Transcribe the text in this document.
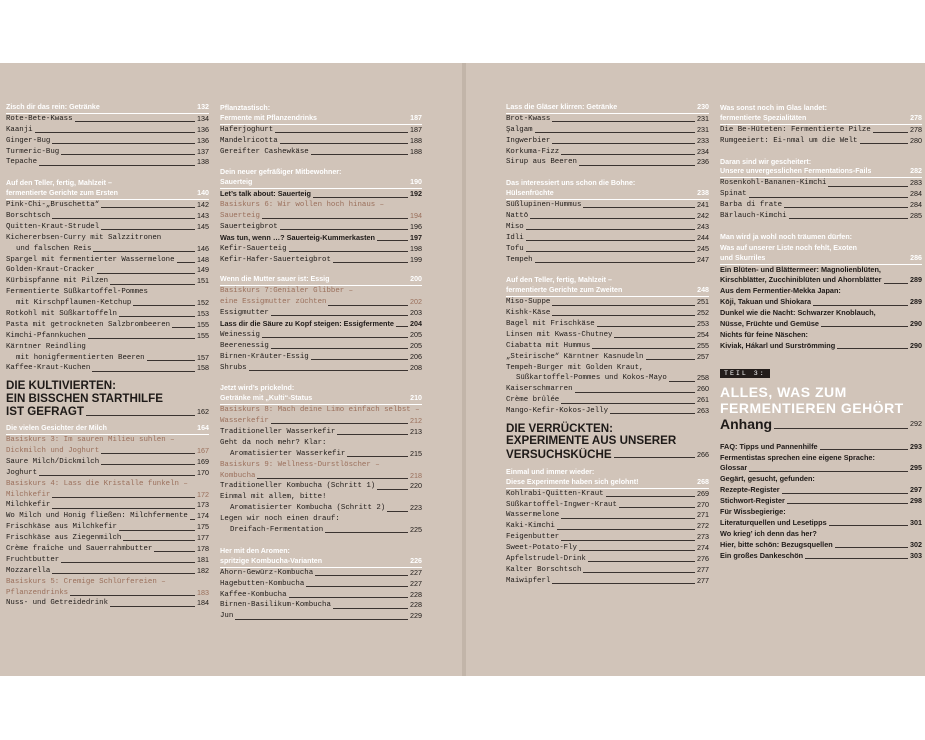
Zisch dir das rein: Getränke	132
Rote-Bete-Kwass	134
Kaanji	136
Ginger-Bug	136
Turmeric-Bug	137
Tepache	138
Auf den Teller, fertig, Mahlzeit –
fermentierte Gerichte zum Ersten	140
Pink-Chi-„Bruschetta“	142
Borschtsch	143
Quitten-Kraut-Strudel	145
Kichererbsen-Curry mit Salzzitronen
und falschen Reis	146
Spargel mit fermentierter Wassermelone	148
Golden-Kraut-Cracker	149
Kürbispfanne mit Pilzen	151
Fermentierte Süßkartoffel-Pommes
mit Kirschpflaumen-Ketchup	152
Rotkohl mit Süßkartoffeln	153
Pasta mit getrockneten Salzbrombeeren	155
Kimchi-Pfannkuchen	155
Kärntner Reindling
mit honigfermentierten Beeren	157
Kaffee-Kraut-Kuchen	158
DIE KULTIVIERTEN:
EIN BISSCHEN STARTHILFE
IST GEFRAGT	162
Die vielen Gesichter der Milch	164
Basiskurs 3: Im sauren Milieu suhlen –
Dickmilch und Joghurt	167
Saure Milch/Dickmilch	169
Joghurt	170
Basiskurs 4: Lass die Kristalle funkeln –
Milchkefir	172
Milchkefir	173
Wo Milch und Honig fließen: Milchfermente 174
Frischkäse aus Milchkefir	175
Frischkäse aus Ziegenmilch	177
Crème fraîche und Sauerrahmbutter	178
Fruchtbutter	181
Mozzarella	182
Basiskurs 5: Cremige Schlürfereien –
Pflanzendrinks	183
Nuss- und Getreidedrink	184
Pflanztastisch:
Fermente mit Pflanzendrinks	187
Haferjoghurt	187
Mandelricotta	188
Gereifter Cashewkäse	188
Dein neuer gefräßiger Mitbewohner:
Sauerteig	190
Let’s talk about: Sauerteig	192
Basiskurs 6: Wir wollen hoch hinaus –
Sauerteig	194
Sauerteigbrot	196
Was tun, wenn …? Sauerteig-Kummerkasten	197
Kefir-Sauerteig	198
Kefir-Hafer-Sauerteigbrot	199
Wenn die Mutter sauer ist: Essig	200
Basiskurs 7:Genialer Glibber –
eine Essigmutter züchten	202
Essigmutter	203
Lass dir die Säure zu Kopf steigen: Essigfermente 204
Weinessig	205
Beerenessig	205
Birnen-Kräuter-Essig	206
Shrubs	208
Jetzt wird’s prickelnd:
Getränke mit „Kulti“-Status	210
Basiskurs 8: Mach deine Limo einfach selbst –
Wasserkefir	212
Traditioneller Wasserkefir	213
Geht da noch mehr? Klar:
Aromatisierter Wasserkefir	215
Basiskurs 9: Wellness-Durstlöscher –
Kombucha	218
Traditioneller Kombucha (Schritt 1)	220
Einmal mit allem, bitte!
Aromatisierter Kombucha (Schritt 2)	223
Legen wir noch einen drauf:
Dreifach-Fermentation	225
Her mit den Aromen:
spritzige Kombucha-Varianten	226
Ahorn-Gewürz-Kombucha	227
Hagebutten-Kombucha	227
Kaffee-Kombucha	228
Birnen-Basilikum-Kombucha	228
Jun	229
Lass die Gläser klirren: Getränke	230
Brot-Kwass	231
Şalgam	231
Ingwerbier	233
Korkuma-Fizz	234
Sirup aus Beeren	236
Das interessiert uns schon die Bohne:
Hülsenfrüchte	238
Süßlupinen-Hummus	241
Nattō	242
Miso	243
Idli	244
Tofu	245
Tempeh	247
Auf den Teller, fertig, Mahlzeit –
fermentierte Gerichte zum Zweiten	248
Miso-Suppe	251
Kishk-Käse	252
Bagel mit Frischkäse	253
Linsen mit Kwass-Chutney	254
Ciabatta mit Hummus	255
„Steirische“ Kärntner Kasnudeln	257
Tempeh-Burger mit Golden Kraut,
Süßkartoffel-Pommes und Kokos-Mayo	258
Kaiserschmarren	260
Crème brûlée	261
Mango-Kefir-Kokos-Jelly	263
DIE VERRÜCKTEN:
EXPERIMENTE AUS UNSERER
VERSUCHSKÜCHE	266
Einmal und immer wieder:
Diese Experimente haben sich gelohnt!	268
Kohlrabi-Quitten-Kraut	269
Süßkartoffel-Ingwer-Kraut	270
Wassermelone	271
Kaki-Kimchi	272
Feigenbutter	273
Sweet-Potato-Fly	274
Apfelstrudel-Drink	276
Kalter Borschtsch	277
Maiwipferl	277
Was sonst noch im Glas landet:
fermentierte Spezialitäten	278
Die Be-Hüteten: Fermentierte Pilze	278
Rumgeeiert: Ei-nmal um die Welt	280
Daran sind wir gescheitert:
Unsere unvergesslichen Fermentations-Fails	282
Rosenkohl-Bananen-Kimchi	283
Spinat	284
Barba di frate	284
Bärlauch-Kimchi	285
Man wird ja wohl noch träumen dürfen:
Was auf unserer Liste noch fehlt, Exoten
und Skurriles	286
Ein Blüten- und Blättermeer: Magnolienblüten,
Kirschblätter, Zucchiniblüten und Ahornblätter	289
Aus dem Fermentier-Mekka Japan:
Kōji, Takuan und Shiokara	289
Dunkel wie die Nacht: Schwarzer Knoblauch,
Nüsse, Früchte und Gemüse	290
Nichts für feine Näschen:
Kiviak, Hákarl und Surströmming	290
TEIL 3:
ALLES, WAS ZUM
FERMENTIEREN GEHÖRT
Anhang	292
FAQ: Tipps und Pannenhilfe	293
Fermentistas sprechen eine eigene Sprache:
Glossar	295
Gegärt, gesucht, gefunden:
Rezepte-Register	297
Stichwort-Register	298
Für Wissbegierige:
Literaturquellen und Lesetipps	301
Wo krieg’ ich denn das her?
Hier, bitte schön: Bezugsquellen	302
Ein großes Dankeschön	303
